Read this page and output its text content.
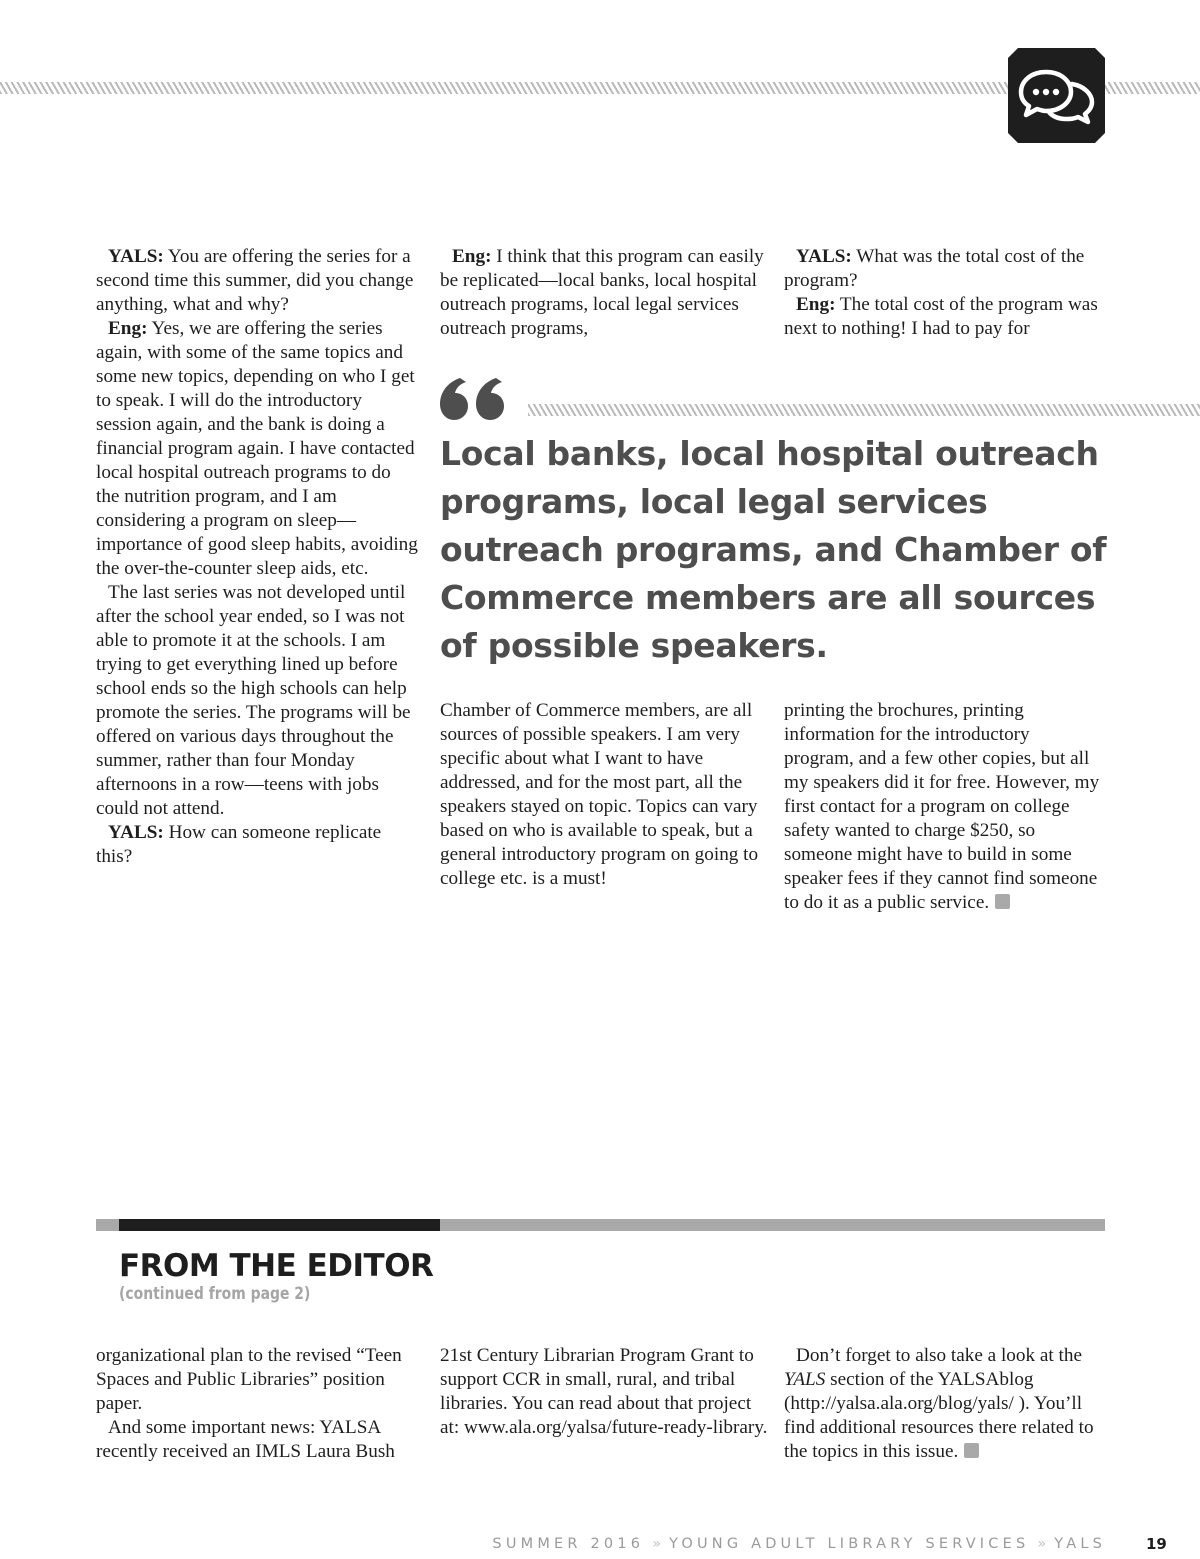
YALS: You are offering the series for a second time this summer, did you change anything, what and why?

Eng: Yes, we are offering the series again, with some of the same topics and some new topics, depending on who I get to speak. I will do the introductory session again, and the bank is doing a financial program again. I have contacted local hospital outreach programs to do the nutrition program, and I am considering a program on sleep—importance of good sleep habits, avoiding the over-the-counter sleep aids, etc.

The last series was not developed until after the school year ended, so I was not able to promote it at the schools. I am trying to get everything lined up before school ends so the high schools can help promote the series. The programs will be offered on various days throughout the summer, rather than four Monday afternoons in a row—teens with jobs could not attend.

YALS: How can someone replicate this?

Eng: I think that this program can easily be replicated—local banks, local hospital outreach programs, local legal services outreach programs,

YALS: What was the total cost of the program?

Eng: The total cost of the program was next to nothing! I had to pay for

Local banks, local hospital outreach programs, local legal services outreach programs, and Chamber of Commerce members are all sources of possible speakers.

Chamber of Commerce members, are all sources of possible speakers. I am very specific about what I want to have addressed, and for the most part, all the speakers stayed on topic. Topics can vary based on who is available to speak, but a general introductory program on going to college etc. is a must!

printing the brochures, printing information for the introductory program, and a few other copies, but all my speakers did it for free. However, my first contact for a program on college safety wanted to charge $250, so someone might have to build in some speaker fees if they cannot find someone to do it as a public service.

FROM THE EDITOR
(continued from page 2)

organizational plan to the revised “Teen Spaces and Public Libraries” position paper.

And some important news: YALSA recently received an IMLS Laura Bush

21st Century Librarian Program Grant to support CCR in small, rural, and tribal libraries. You can read about that project at: www.ala.org/yalsa/future-ready-library.

Don’t forget to also take a look at the YALS section of the YALSAblog (http://yalsa.ala.org/blog/yals/ ). You’ll find additional resources there related to the topics in this issue.

SUMMER 2016 » YOUNG ADULT LIBRARY SERVICES » YALS	19
